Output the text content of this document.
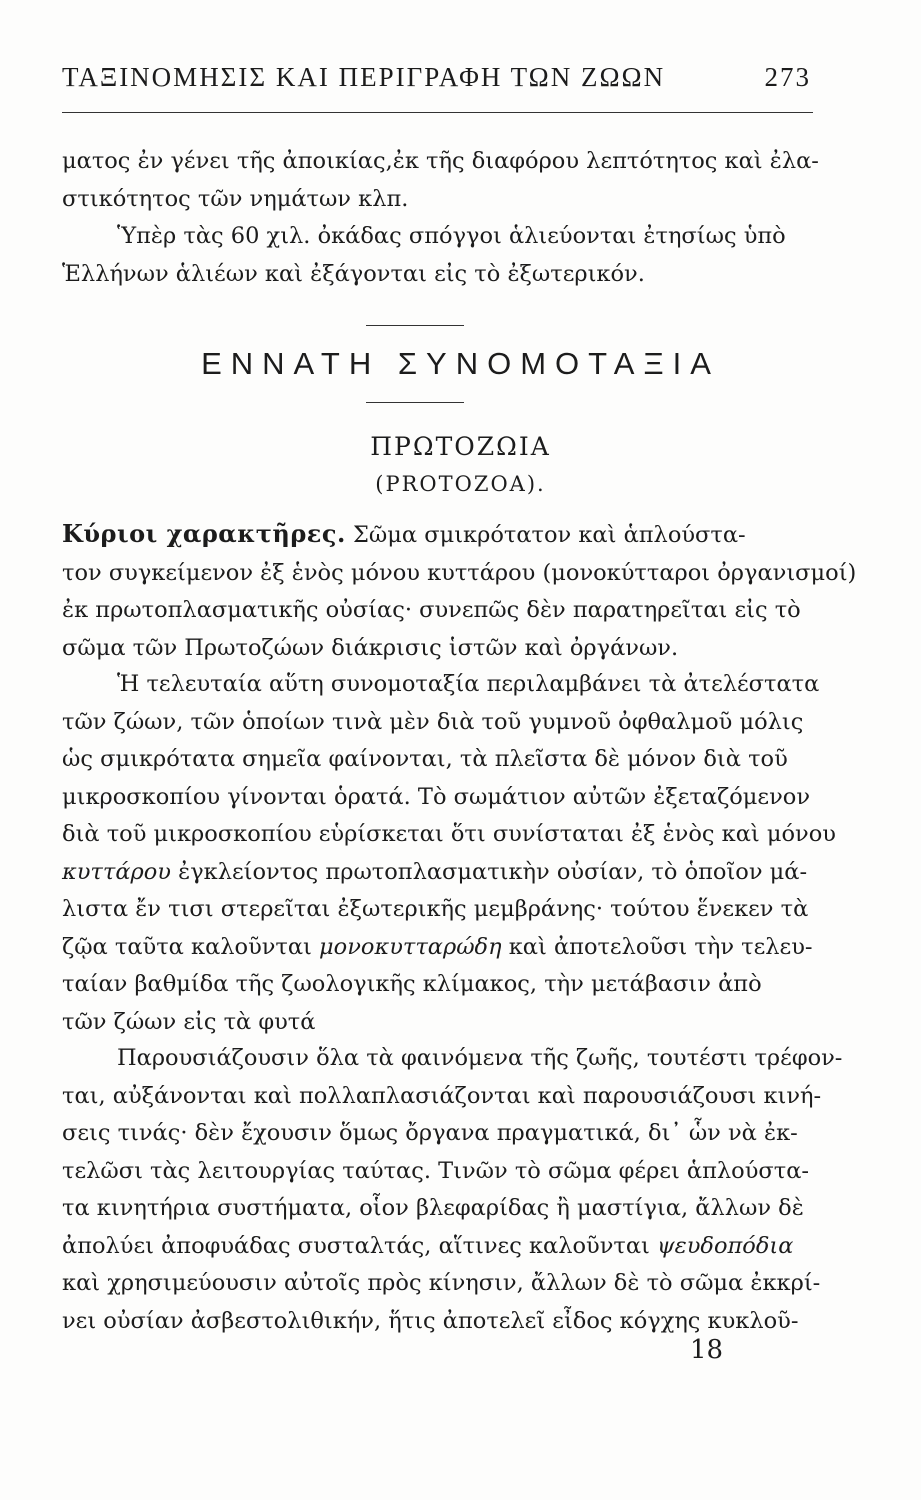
ΤΑΞΙΝΟΜΗΣΙΣ ΚΑΙ ΠΕΡΙΓΡΑΦΗ ΤΩΝ ΖΩΩΝ	273
ματος ἐν γένει τῆς ἀποικίας,ἐκ τῆς διαφόρου λεπτότητος καὶ ἐλα-
στικότητος τῶν νημάτων κλπ.
Ὑπὲρ τὰς 60 χιλ. ὀκάδας σπόγγοι ἁλιεύονται ἐτησίως ὑπὸ
Ἑλλήνων ἁλιέων καὶ ἐξάγονται εἰς τὸ ἐξωτερικόν.
ΕΝΝΑΤΗ ΣΥΝΟΜΟΤΑΞΙΑ
ΠΡΩΤΟΖΩΙΑ
(PROTOZOA).
Κύριοι χαρακτῆρες. Σῶμα σμικρότατον καὶ ἁπλούστα-
τον συγκείμενον ἐξ ἑνὸς μόνου κυττάρου (μονοκύτταροι ὀργανισμοί)
ἐκ πρωτοπλασματικῆς οὐσίας· συνεπῶς δὲν παρατηρεῖται εἰς τὸ
σῶμα τῶν Πρωτοζώων διάκρισις ἱστῶν καὶ ὀργάνων.
Ἡ τελευταία αὕτη συνομοταξία περιλαμβάνει τὰ ἀτελέστατα
τῶν ζώων, τῶν ὁποίων τινὰ μὲν διὰ τοῦ γυμνοῦ ὀφθαλμοῦ μόλις
ὡς σμικρότατα σημεῖα φαίνονται, τὰ πλεῖστα δὲ μόνον διὰ τοῦ
μικροσκοπίου γίνονται ὁρατά. Τὸ σωμάτιον αὐτῶν ἐξεταζόμενον
διὰ τοῦ μικροσκοπίου εὑρίσκεται ὅτι συνίσταται ἐξ ἑνὸς καὶ μόνου
κυττάρου ἐγκλείοντος πρωτοπλασματικὴν οὐσίαν, τὸ ὁποῖον μά-
λιστα ἔν τισι στερεῖται ἐξωτερικῆς μεμβράνης· τούτου ἕνεκεν τὰ
ζῷα ταῦτα καλοῦνται μονοκυτταρώδη καὶ ἀποτελοῦσι τὴν τελευ-
ταίαν βαθμίδα τῆς ζωολογικῆς κλίμακος, τὴν μετάβασιν ἀπὸ
τῶν ζώων εἰς τὰ φυτά
Παρουσιάζουσιν ὅλα τὰ φαινόμενα τῆς ζωῆς, τουτέστι τρέφον-
ται, αὐξάνονται καὶ πολλαπλασιάζονται καὶ παρουσιάζουσι κινή-
σεις τινάς· δὲν ἔχουσιν ὅμως ὄργανα πραγματικά, δι᾽ ὧν νὰ ἐκ-
τελῶσι τὰς λειτουργίας ταύτας. Τινῶν τὸ σῶμα φέρει ἁπλούστα-
τα κινητήρια συστήματα, οἷον βλεφαρίδας ἢ μαστίγια, ἄλλων δὲ
ἀπολύει ἀποφυάδας συσταλτάς, αἵτινες καλοῦνται ψευδοπόδια
καὶ χρησιμεύουσιν αὐτοῖς πρὸς κίνησιν, ἄλλων δὲ τὸ σῶμα ἐκκρί-
νει οὐσίαν ἀσβεστολιθικήν, ἥτις ἀποτελεῖ εἶδος κόγχης κυκλοῦ-
18
